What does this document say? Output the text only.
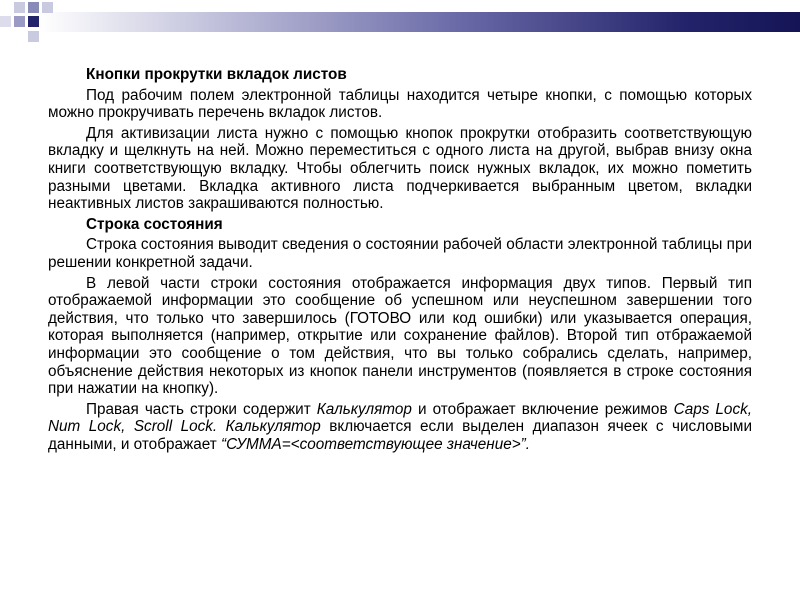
Кнопки прокрутки вкладок листов

Под рабочим полем электронной таблицы находится четыре кнопки, с помощью которых можно прокручивать перечень вкладок листов.

Для активизации листа нужно с помощью кнопок прокрутки отобразить соответствующую вкладку и щелкнуть на ней. Можно переместиться с одного листа на другой, выбрав внизу окна книги соответствующую вкладку. Чтобы облегчить поиск нужных вкладок, их можно пометить разными цветами. Вкладка активного листа подчеркивается выбранным цветом, вкладки неактивных листов закрашиваются полностью.

Строка состояния

Строка состояния выводит сведения о состоянии рабочей области электронной таблицы при решении конкретной задачи.

В левой части строки состояния отображается информация двух типов. Первый тип отображаемой информации это сообщение об успешном или неуспешном завершении того действия, что только что завершилось (ГОТОВО или код ошибки) или указывается операция, которая выполняется (например, открытие или сохранение файлов). Второй тип отбражаемой информации это сообщение о том действия, что вы только собрались сделать, например, объяснение действия некоторых из кнопок панели инструментов (появляется в строке состояния при нажатии на кнопку).

Правая часть строки содержит Калькулятор и отображает включение режимов Caps Lock, Num Lock, Scroll Lock. Калькулятор включается если выделен диапазон ячеек с числовыми данными, и отображает “СУММА=<соответствующее значение>”.
